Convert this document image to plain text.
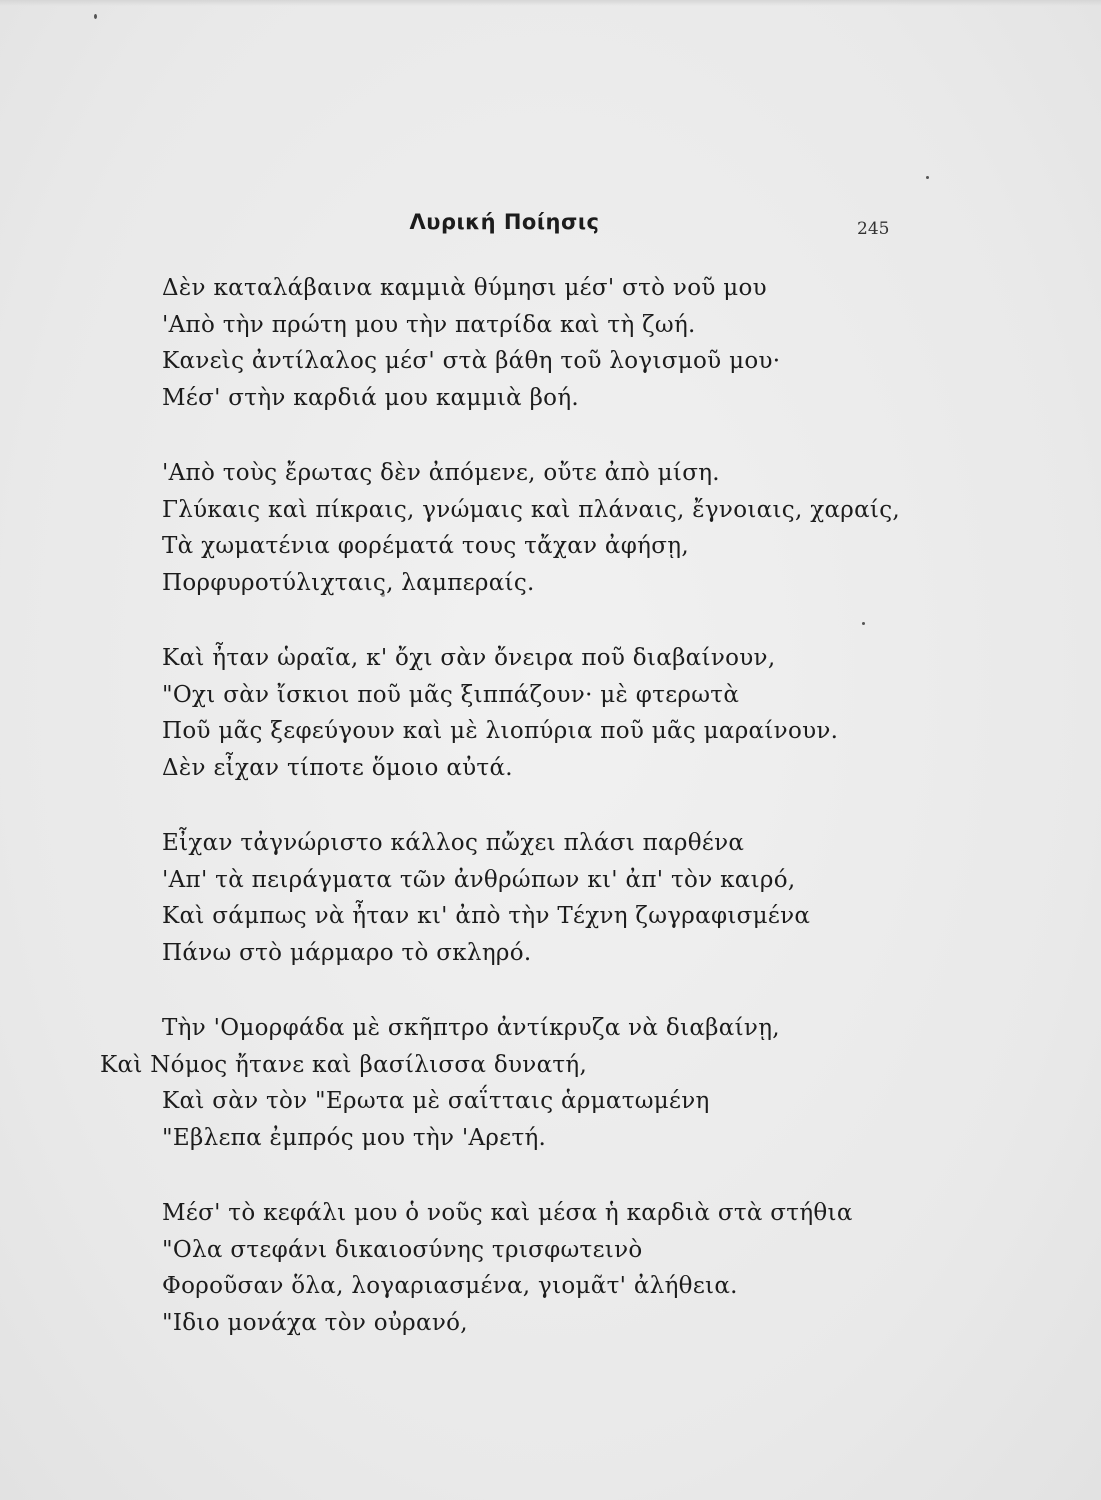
Λυρική Ποίησις	245
Δὲν καταλάβαινα καμμιὰ θύμησι μέσ' στὸ νοῦ μου
'Απὸ τὴν πρώτη μου τὴν πατρίδα καὶ τὴ ζωή.
Κανεὶς ἀντίλαλος μέσ' στὰ βάθη τοῦ λογισμοῦ μου·
Μέσ' στὴν καρδιά μου καμμιὰ βοή.
'Απὸ τοὺς ἔρωτας δὲν ἀπόμενε, οὔτε ἀπὸ μίση.
Γλύκαις καὶ πίκραις, γνώμαις καὶ πλάναις, ἔγνοιαις, χαραίς,
Τὰ χωματένια φορέματά τους τἄχαν ἀφήσῃ,
Πορφυροτύλιχταις, λαμπεραίς.
Καὶ ἦταν ὡραῖα, κ' ὄχι σὰν ὄνειρα ποῦ διαβαίνουν,
"Οχι σὰν ἴσκιοι ποῦ μᾶς ξιππάζουν· μὲ φτερωτὰ
Ποῦ μᾶς ξεφεύγουν καὶ μὲ λιοπύρια ποῦ μᾶς μαραίνουν.
Δὲν εἶχαν τίποτε ὅμοιο αὐτά.
Εἶχαν τἀγνώριστο κάλλος πὤχει πλάσι παρθένα
'Απ' τὰ πειράγματα τῶν ἀνθρώπων κι' ἀπ' τὸν καιρό,
Καὶ σάμπως νὰ ἦταν κι' ἀπὸ τὴν Τέχνη ζωγραφισμένα
Πάνω στὸ μάρμαρο τὸ σκληρό.
Τὴν 'Ομορφάδα μὲ σκῆπτρο ἀντίκρυζα νὰ διαβαίνῃ,
Καὶ Νόμος ἤτανε καὶ βασίλισσα δυνατή,
Καὶ σὰν τὸν "Ερωτα μὲ σαΐτταις ἁρματωμένη
"Εβλεπα ἐμπρός μου τὴν 'Αρετή.
Μέσ' τὸ κεφάλι μου ὁ νοῦς καὶ μέσα ἡ καρδιὰ στὰ στήθια
"Ολα στεφάνι δικαιοσύνης τρισφωτεινὸ
Φοροῦσαν ὅλα, λογαριασμένα, γιομᾶτ' ἀλήθεια.
"Ιδιο μονάχα τὸν οὐρανό,
